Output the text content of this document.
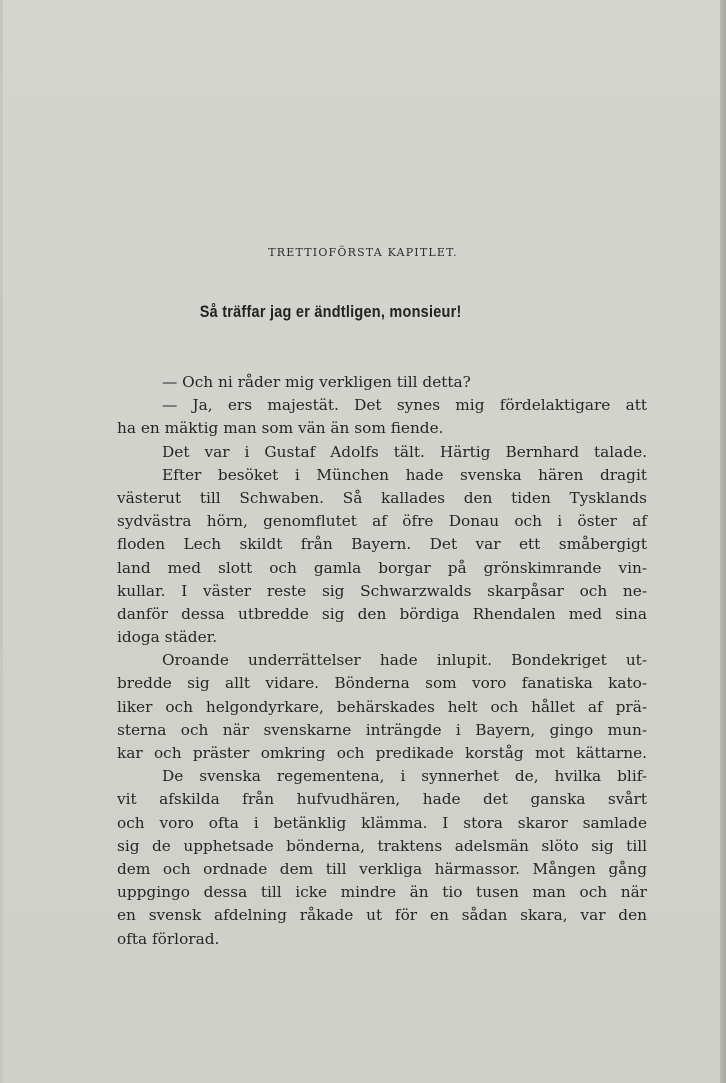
TRETTIOFÖRSTA KAPITLET.
Så träffar jag er ändtligen, monsieur!
— Och ni råder mig verkligen till detta?
— Ja, ers majestät. Det synes mig fördelaktigare att
ha en mäktig man som vän än som fiende.
Det var i Gustaf Adolfs tält. Härtig Bernhard talade.
Efter besöket i München hade svenska hären dragit
västerut till Schwaben. Så kallades den tiden Tysklands
sydvästra hörn, genomflutet af öfre Donau och i öster af
floden Lech skildt från Bayern. Det var ett småbergigt
land med slott och gamla borgar på grönskimrande vin-
kullar. I väster reste sig Schwarzwalds skarpåsar och ne-
danför dessa utbredde sig den bördiga Rhendalen med sina
idoga städer.
Oroande underrättelser hade inlupit. Bondekriget ut-
bredde sig allt vidare. Bönderna som voro fanatiska kato-
liker och helgondyrkare, behärskades helt och hållet af prä-
sterna och när svenskarne inträngde i Bayern, gingo mun-
kar och präster omkring och predikade korståg mot kättarne.
De svenska regementena, i synnerhet de, hvilka blif-
vit afskilda från hufvudhären, hade det ganska svårt
och voro ofta i betänklig klämma. I stora skaror samlade
sig de upphetsade bönderna, traktens adelsmän slöto sig till
dem och ordnade dem till verkliga härmassor. Mången gång
uppgingo dessa till icke mindre än tio tusen man och när
en svensk afdelning råkade ut för en sådan skara, var den
ofta förlorad.
